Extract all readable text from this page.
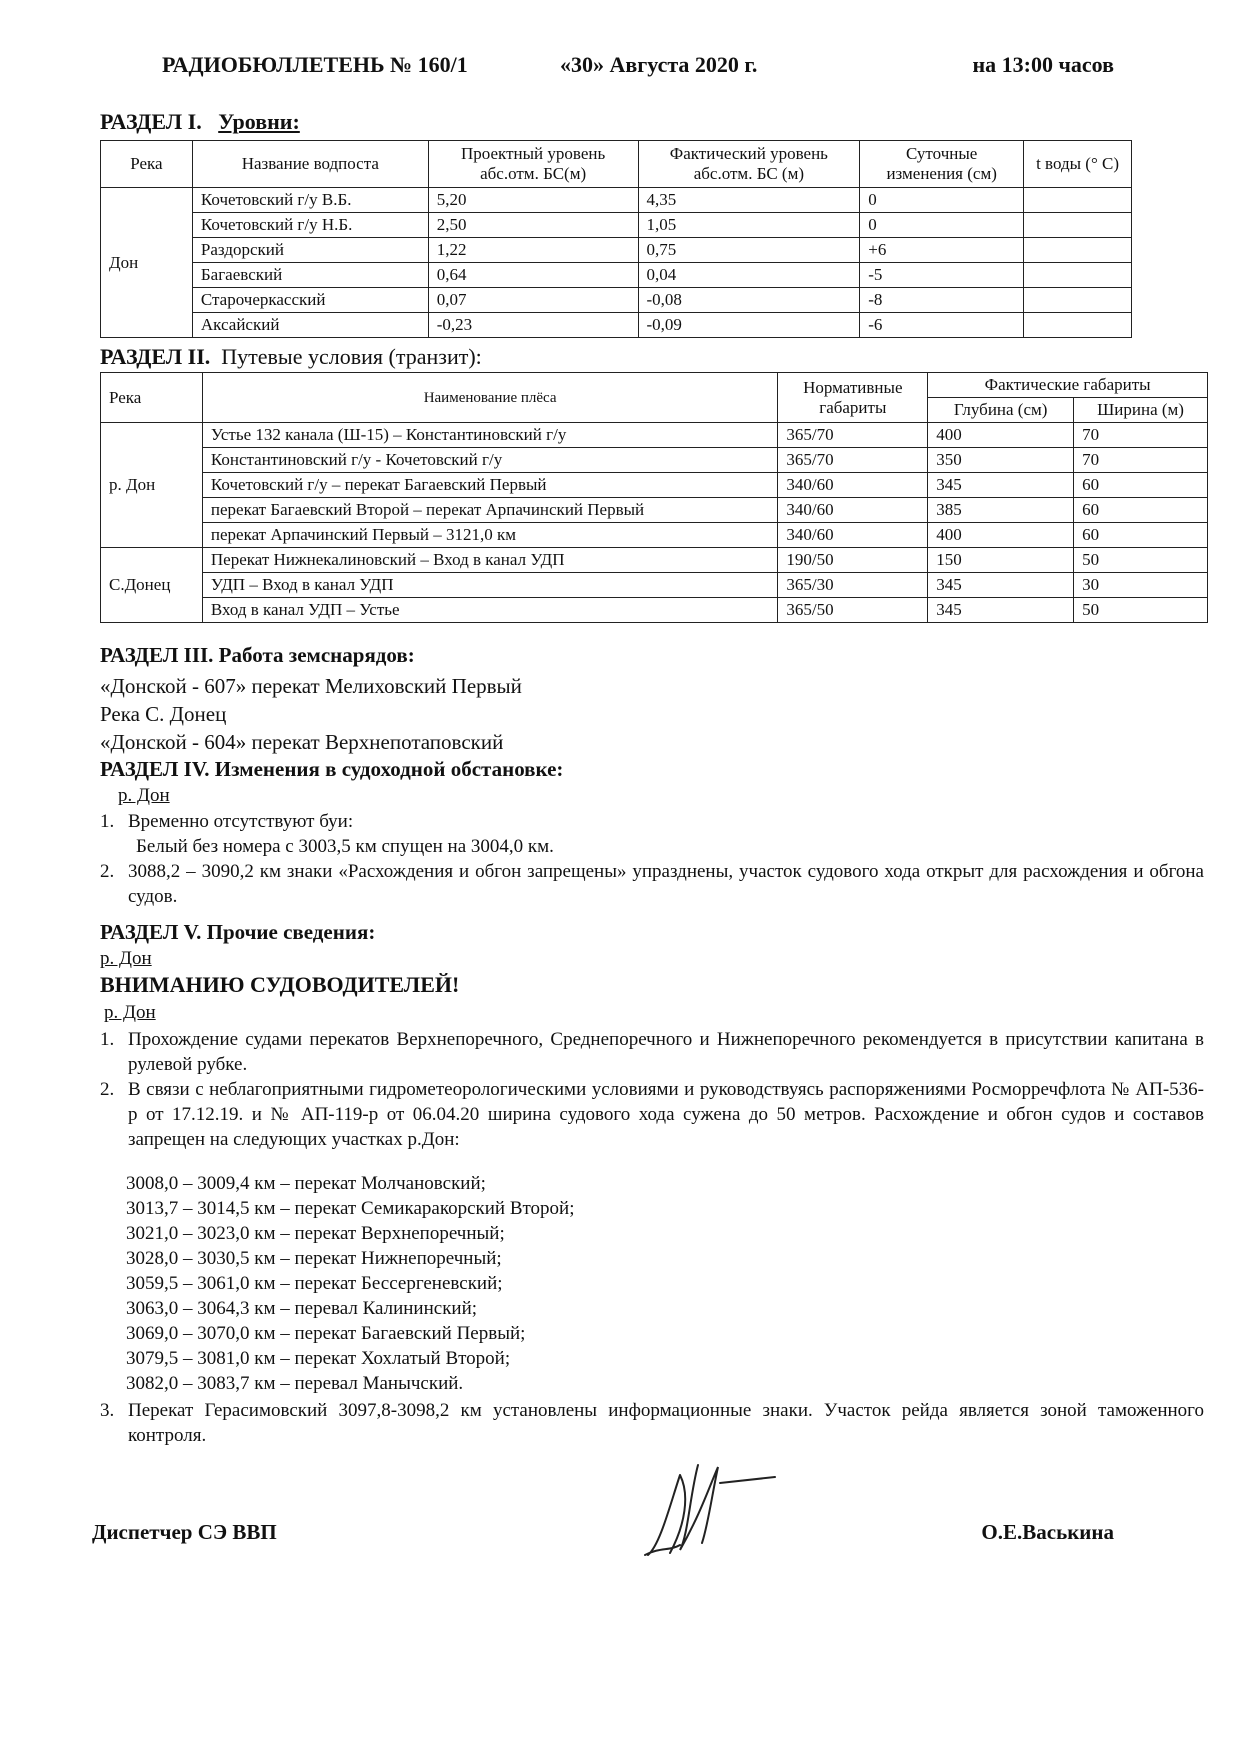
РАДИОБЮЛЛЕТЕНЬ № 160/1	«30» Августа 2020 г.	на 13:00 часов
РАЗДЕЛ I. Уровни:
Река	Название водпоста	Проектный уровень абс.отм. БС(м)	Фактический уровень абс.отм. БС (м)	Суточные изменения (см)	t воды (° С)
Дон	Кочетовский г/у В.Б.	5,20	4,35	0	
	Кочетовский г/у Н.Б.	2,50	1,05	0	
	Раздорский	1,22	0,75	+6	
	Багаевский	0,64	0,04	-5	
	Старочеркасский	0,07	-0,08	-8	
	Аксайский	-0,23	-0,09	-6	
РАЗДЕЛ II. Путевые условия (транзит):
Река	Наименование плёса	Нормативные габариты	Фактические габариты	
			Глубина (см)	Ширина (м)
р. Дон	Устье 132 канала (Ш-15) – Константиновский г/у	365/70	400	70
	Константиновский г/у - Кочетовский г/у	365/70	350	70
	Кочетовский г/у – перекат Багаевский Первый	340/60	345	60
	перекат Багаевский Второй – перекат Арпачинский Первый	340/60	385	60
	перекат Арпачинский Первый – 3121,0 км	340/60	400	60
С.Донец	Перекат Нижнекалиновский – Вход в канал УДП	190/50	150	50
	УДП – Вход в канал УДП	365/30	345	30
	Вход в канал УДП – Устье	365/50	345	50
РАЗДЕЛ III. Работа земснарядов:
«Донской - 607» перекат Мелиховский Первый
Река С. Донец
«Донской - 604» перекат Верхнепотаповский
РАЗДЕЛ IV. Изменения в судоходной обстановке:
р. Дон
1. Временно отсутствуют буи:
Белый без номера с 3003,5 км спущен на 3004,0 км.
2. 3088,2 – 3090,2 км знаки «Расхождения и обгон запрещены» упразднены, участок судового хода открыт для расхождения и обгона судов.
РАЗДЕЛ V. Прочие сведения:
р. Дон
ВНИМАНИЮ СУДОВОДИТЕЛЕЙ!
р. Дон
1. Прохождение судами перекатов Верхнепоречного, Среднепоречного и Нижнепоречного рекомендуется в присутствии капитана в рулевой рубке.
2. В связи с неблагоприятными гидрометеорологическими условиями и руководствуясь распоряжениями Росморречфлота № АП-536-р от 17.12.19. и № АП-119-р от 06.04.20 ширина судового хода сужена до 50 метров. Расхождение и обгон судов и составов запрещен на следующих участках р.Дон:
3008,0 – 3009,4 км – перекат Молчановский;
3013,7 – 3014,5 км – перекат Семикаракорский Второй;
3021,0 – 3023,0 км – перекат Верхнепоречный;
3028,0 – 3030,5 км – перекат Нижнепоречный;
3059,5 – 3061,0 км – перекат Бессергеневский;
3063,0 – 3064,3 км – перевал Калининский;
3069,0 – 3070,0 км – перекат Багаевский Первый;
3079,5 – 3081,0 км – перекат Хохлатый Второй;
3082,0 – 3083,7 км – перевал Манычский.
3. Перекат Герасимовский 3097,8-3098,2 км установлены информационные знаки. Участок рейда является зоной таможенного контроля.
Диспетчер СЭ ВВП	О.Е.Васькина
